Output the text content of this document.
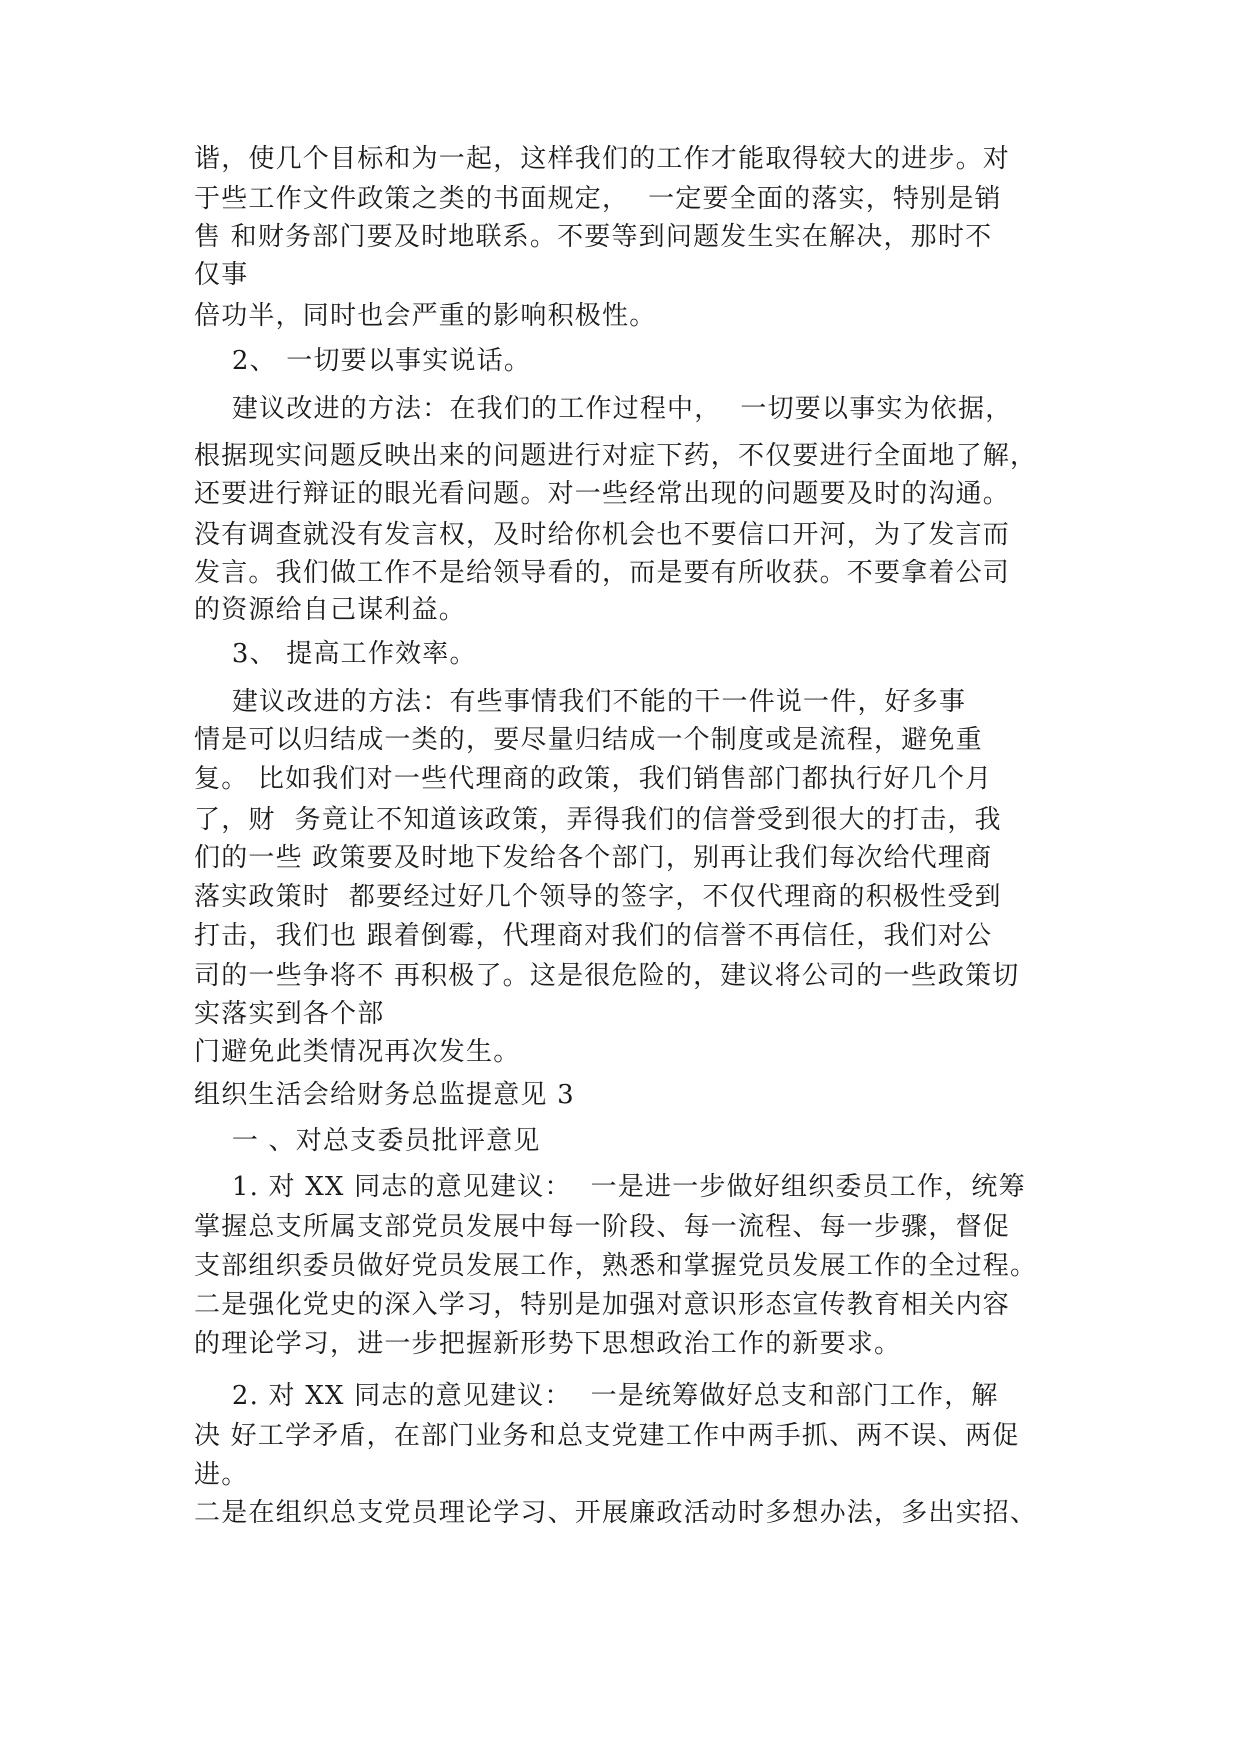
谐，使几个目标和为一起，这样我们的工作才能取得较大的进步。对
于些工作文件政策之类的书面规定，  一定要全面的落实，特别是销
售 和财务部门要及时地联系。不要等到问题发生实在解决，那时不
仅事
倍功半，同时也会严重的影响积极性。
2、 一切要以事实说话。
建议改进的方法：在我们的工作过程中，  一切要以事实为依据，
根据现实问题反映出来的问题进行对症下药，不仅要进行全面地了解，
还要进行辩证的眼光看问题。对一些经常出现的问题要及时的沟通。
没有调查就没有发言权，及时给你机会也不要信口开河，为了发言而
发言。我们做工作不是给领导看的，而是要有所收获。不要拿着公司
的资源给自己谋利益。
3、 提高工作效率。
建议改进的方法：有些事情我们不能的干一件说一件，好多事
情是可以归结成一类的，要尽量归结成一个制度或是流程，避免重
复。 比如我们对一些代理商的政策，我们销售部门都执行好几个月
了，财  务竟让不知道该政策，弄得我们的信誉受到很大的打击，我
们的一些 政策要及时地下发给各个部门，别再让我们每次给代理商
落实政策时  都要经过好几个领导的签字，不仅代理商的积极性受到
打击，我们也 跟着倒霉，代理商对我们的信誉不再信任，我们对公
司的一些争将不 再积极了。这是很危险的，建议将公司的一些政策切
实落实到各个部
门避免此类情况再次发生。
组织生活会给财务总监提意见 3
一 、对总支委员批评意见
1. 对 XX 同志的意见建议：  一是进一步做好组织委员工作，统筹
掌握总支所属支部党员发展中每一阶段、每一流程、每一步骤，督促
支部组织委员做好党员发展工作，熟悉和掌握党员发展工作的全过程。
二是强化党史的深入学习，特别是加强对意识形态宣传教育相关内容
的理论学习，进一步把握新形势下思想政治工作的新要求。
2. 对 XX 同志的意见建议：  一是统筹做好总支和部门工作，解
决 好工学矛盾，在部门业务和总支党建工作中两手抓、两不误、两促
进。
二是在组织总支党员理论学习、开展廉政活动时多想办法，多出实招、
